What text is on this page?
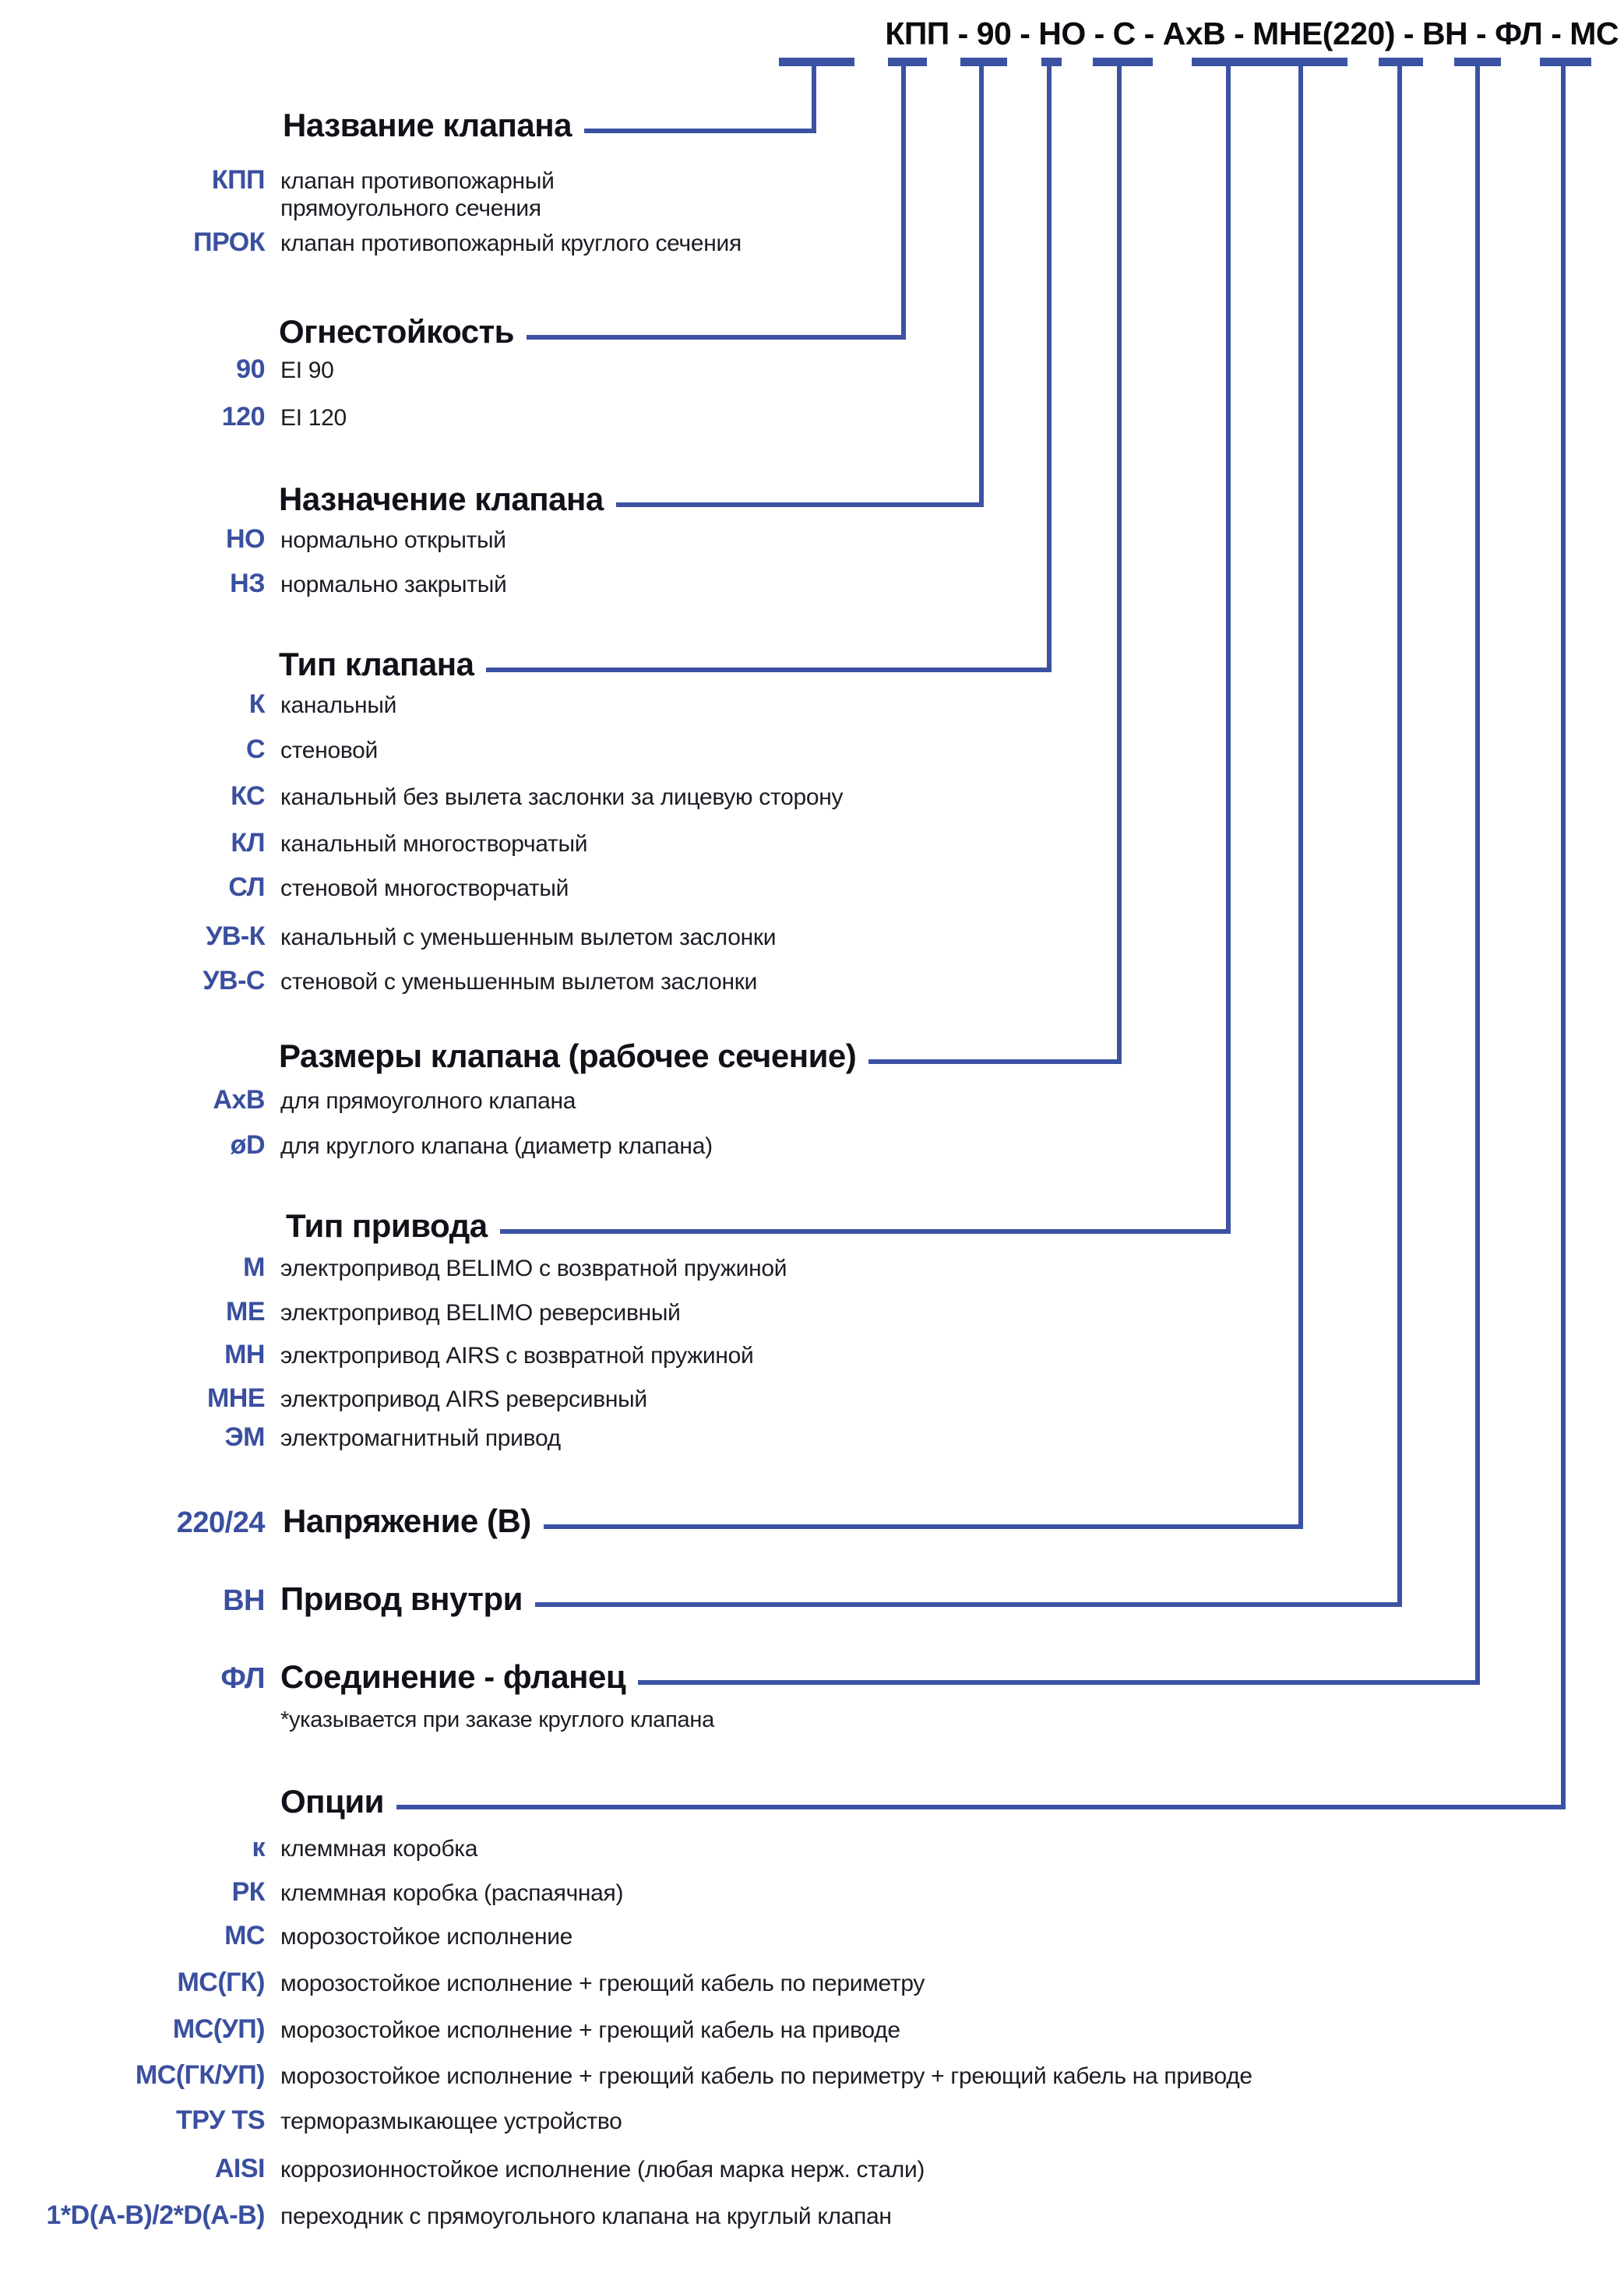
КПП - 90 - НО - С - АхВ - МНЕ(220) - ВН - ФЛ - МС
Название клапана
КПП клапан противопожарный прямоугольного сечения
ПРОК клапан противопожарный круглого сечения
Огнестойкость
90 EI 90
120 EI 120
Назначение клапана
НО нормально открытый
НЗ нормально закрытый
Тип клапана
К канальный
С стеновой
КС канальный без вылета заслонки за лицевую сторону
КЛ канальный многостворчатый
СЛ стеновой многостворчатый
УВ-К канальный с уменьшенным вылетом заслонки
УВ-С стеновой с уменьшенным вылетом заслонки
Размеры клапана (рабочее сечение)
АхВ для прямоуголного клапана
øD для круглого клапана (диаметр клапана)
Тип привода
М электропривод BELIMO с возвратной пружиной
МЕ электропривод BELIMO реверсивный
МН электропривод AIRS с возвратной пружиной
МНЕ электропривод AIRS реверсивный
ЭМ электромагнитный привод
220/24 Напряжение (В)
ВН Привод внутри
ФЛ Соединение - фланец
*указывается при заказе круглого клапана
Опции
к клеммная коробка
РК клеммная коробка (распаячная)
МС морозостойкое исполнение
МС(ГК) морозостойкое исполнение + греющий кабель по периметру
МС(УП) морозостойкое исполнение + греющий кабель на приводе
МС(ГК/УП) морозостойкое исполнение + греющий кабель по периметру + греющий кабель на приводе
ТРУ TS терморазмыкающее устройство
AISI коррозионностойкое исполнение (любая марка нерж. стали)
1*D(A-B)/2*D(A-B) переходник с прямоугольного клапана на круглый клапан
